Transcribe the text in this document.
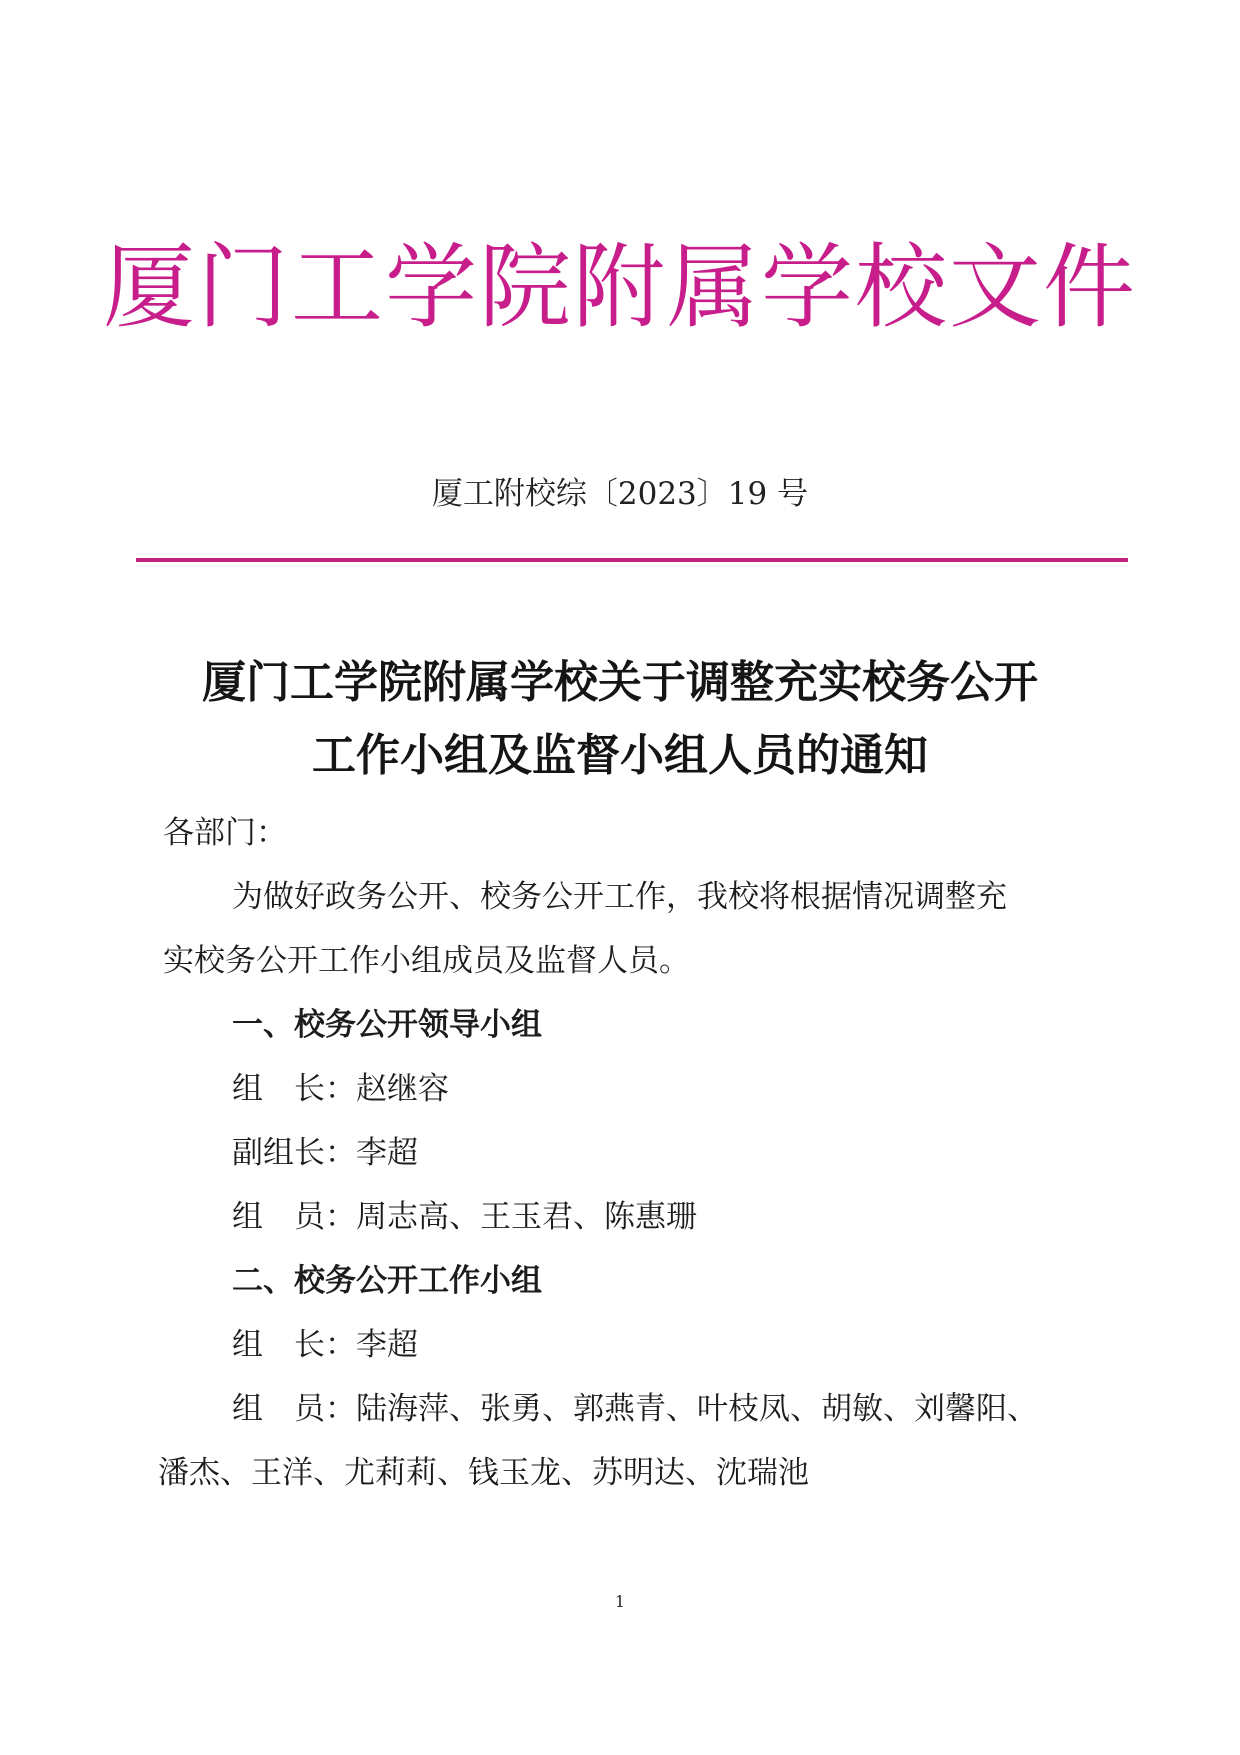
厦门工学院附属学校文件
厦工附校综〔2023〕19 号
厦门工学院附属学校关于调整充实校务公开
工作小组及监督小组人员的通知
各部门：
为做好政务公开、校务公开工作，我校将根据情况调整充
实校务公开工作小组成员及监督人员。
一、校务公开领导小组
组　长：赵继容
副组长：李超
组　员：周志高、王玉君、陈惠珊
二、校务公开工作小组
组　长：李超
组　员：陆海萍、张勇、郭燕青、叶枝凤、胡敏、刘馨阳、
潘杰、王洋、尤莉莉、钱玉龙、苏明达、沈瑞池
1
